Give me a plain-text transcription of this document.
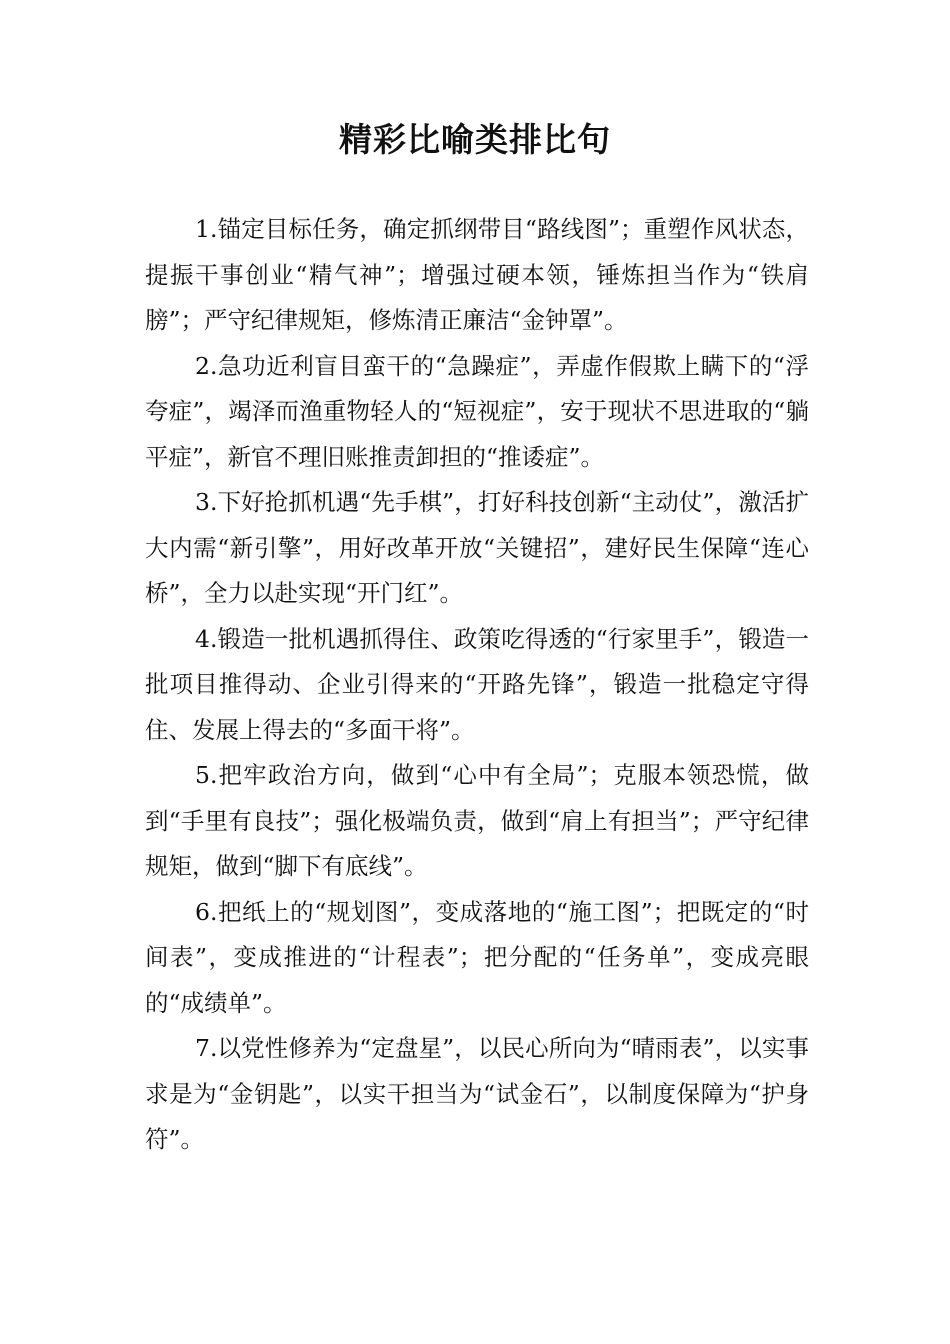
精彩比喻类排比句

1.锚定目标任务，确定抓纲带目“路线图”；重塑作风状态，提振干事创业“精气神”；增强过硬本领，锤炼担当作为“铁肩膀”；严守纪律规矩，修炼清正廉洁“金钟罩”。

2.急功近利盲目蛮干的“急躁症”，弄虚作假欺上瞒下的“浮夸症”，竭泽而渔重物轻人的“短视症”，安于现状不思进取的“躺平症”，新官不理旧账推责卸担的“推诿症”。

3.下好抢抓机遇“先手棋”，打好科技创新“主动仗”，激活扩大内需“新引擎”，用好改革开放“关键招”，建好民生保障“连心桥”，全力以赴实现“开门红”。

4.锻造一批机遇抓得住、政策吃得透的“行家里手”，锻造一批项目推得动、企业引得来的“开路先锋”，锻造一批稳定守得住、发展上得去的“多面干将”。

5.把牢政治方向，做到“心中有全局”；克服本领恐慌，做到“手里有良技”；强化极端负责，做到“肩上有担当”；严守纪律规矩，做到“脚下有底线”。

6.把纸上的“规划图”，变成落地的“施工图”；把既定的“时间表”，变成推进的“计程表”；把分配的“任务单”，变成亮眼的“成绩单”。

7.以党性修养为“定盘星”，以民心所向为“晴雨表”，以实事求是为“金钥匙”，以实干担当为“试金石”，以制度保障为“护身符”。
